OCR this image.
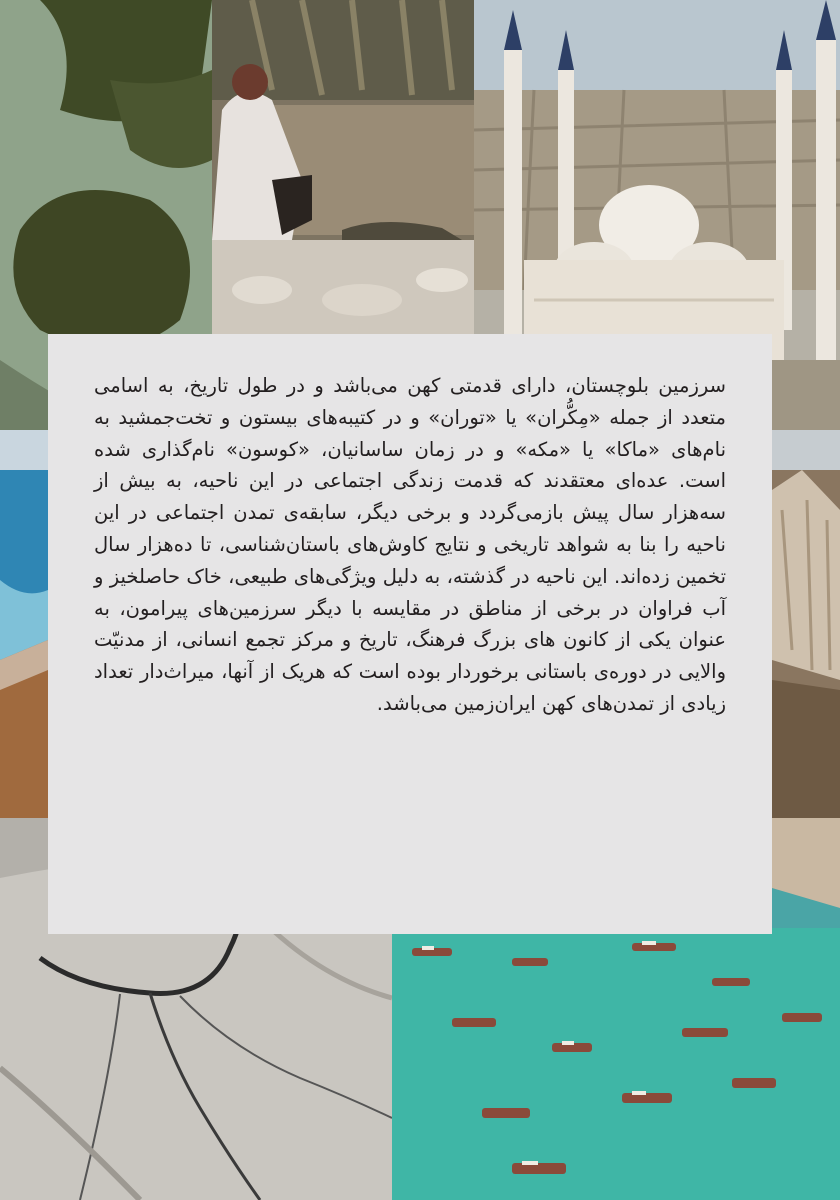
سرزمین بلوچستان، دارای قدمتی کهن می‌باشد و در طول تاریخ، به اسامی متعدد از جمله «مِکُّران» یا «توران» و در کتیبه‌های بیستون و تخت‌جمشید به نام‌های «ماکا» یا «مکه» و در زمان ساسانیان، «کوسون» نام‌گذاری شده است. عده‌ای معتقدند که قدمت زندگی اجتماعی در این ناحیه، به بیش از سه‌هزار سال پیش بازمی‌گردد و برخی دیگر، سابقه‌ی تمدن اجتماعی در این ناحیه را بنا به شواهد تاریخی و نتایج کاوش‌های باستان‌شناسی، تا ده‌هزار سال تخمین زده‌اند. این ناحیه در گذشته، به دلیل ویژگی‌های طبیعی، خاک حاصلخیز و آب فراوان در برخی از مناطق در مقایسه با دیگر سرزمین‌های پیرامون، به عنوان یکی از کانون های بزرگ فرهنگ، تاریخ و مرکز تجمع انسانی، از مدنیّت والایی در دوره‌ی باستانی برخوردار بوده است که هریک از آنها، میراث‌دار تعداد زیادی از تمدن‌های کهن ایران‌زمین می‌باشد.
